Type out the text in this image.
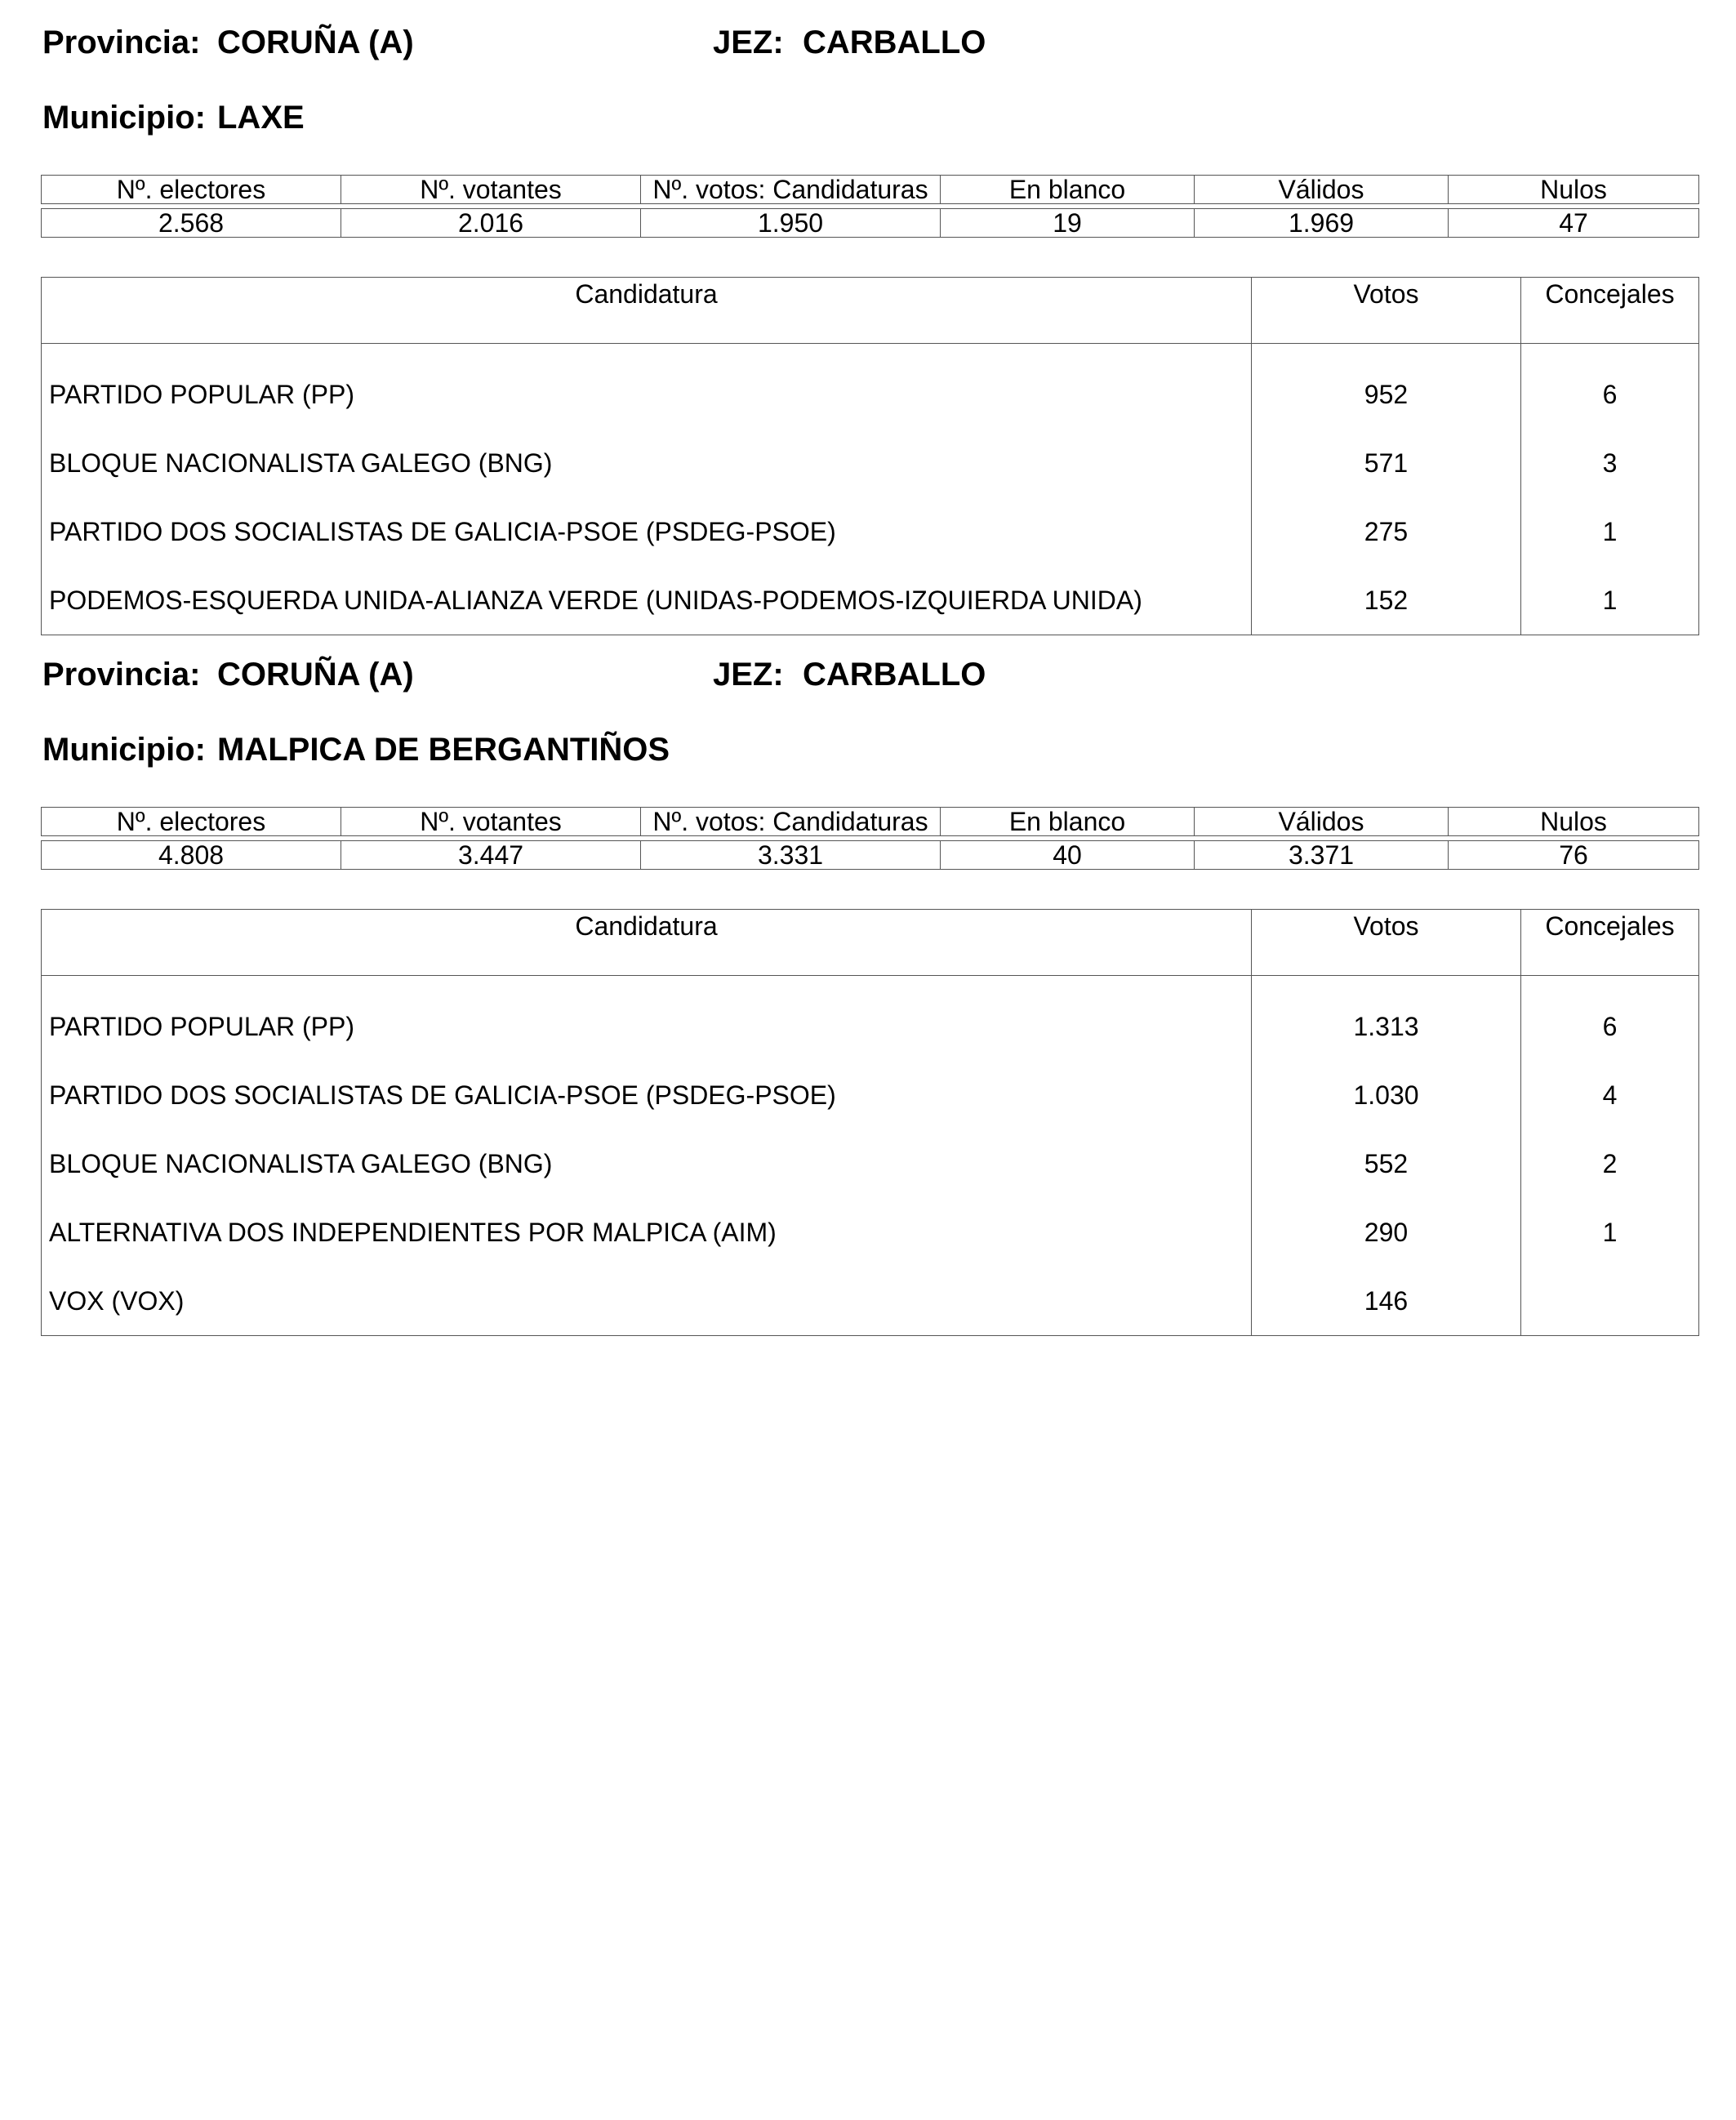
Provincia: CORUÑA (A)	JEZ: CARBALLO
Municipio: LAXE
Nº. electores	Nº. votantes	Nº. votos: Candidaturas	En blanco	Válidos	Nulos

2.568	2.016	1.950	19	1.969	47
Candidatura	Votos	Concejales
PARTIDO POPULAR (PP)	952	6
BLOQUE NACIONALISTA GALEGO (BNG)	571	3
PARTIDO DOS SOCIALISTAS DE GALICIA-PSOE (PSDEG-PSOE)	275	1
PODEMOS-ESQUERDA UNIDA-ALIANZA VERDE (UNIDAS-PODEMOS-IZQUIERDA UNIDA)	152	1
Provincia: CORUÑA (A)	JEZ: CARBALLO
Municipio: MALPICA DE BERGANTIÑOS
Nº. electores	Nº. votantes	Nº. votos: Candidaturas	En blanco	Válidos	Nulos

4.808	3.447	3.331	40	3.371	76
Candidatura	Votos	Concejales
PARTIDO POPULAR (PP)	1.313	6
PARTIDO DOS SOCIALISTAS DE GALICIA-PSOE (PSDEG-PSOE)	1.030	4
BLOQUE NACIONALISTA GALEGO (BNG)	552	2
ALTERNATIVA DOS INDEPENDIENTES POR MALPICA (AIM)	290	1
VOX (VOX)	146	
